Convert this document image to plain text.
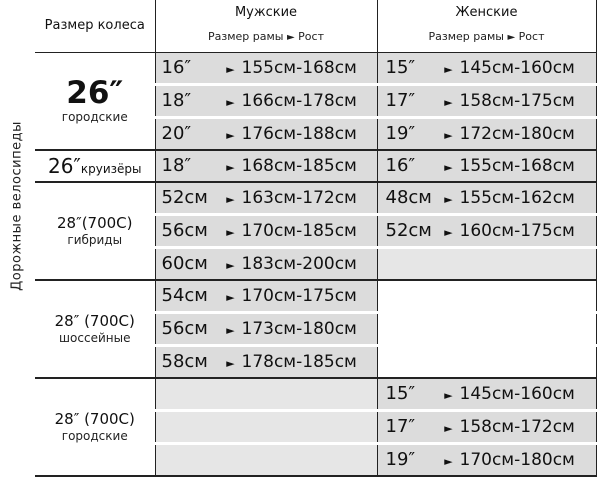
Дорожные велосипеды
Размер колеса	Мужские
Размер рамы ► Рост	Женские
Размер рамы ► Рост

26″
городские	16″ ► 155см-168см	15″ ► 145см-160см
	18″ ► 166см-178см	17″ ► 158см-175см
	20″ ► 176см-188см	19″ ► 172см-180см
26″круизёры	18″ ► 168см-185см	16″ ► 155см-168см

28″(700C)
гибриды	52см ► 163см-172см	48см ► 155см-162см
	56см ► 170см-185см	52см ► 160см-175см
	60см ► 183см-200см	

28″ (700C)
шоссейные	54см ► 170см-175см	
	56см ► 173см-180см	
	58см ► 178см-185см	

28″ (700C)
городские		15″ ► 145см-160см
		17″ ► 158см-172см
		19″ ► 170см-180см
